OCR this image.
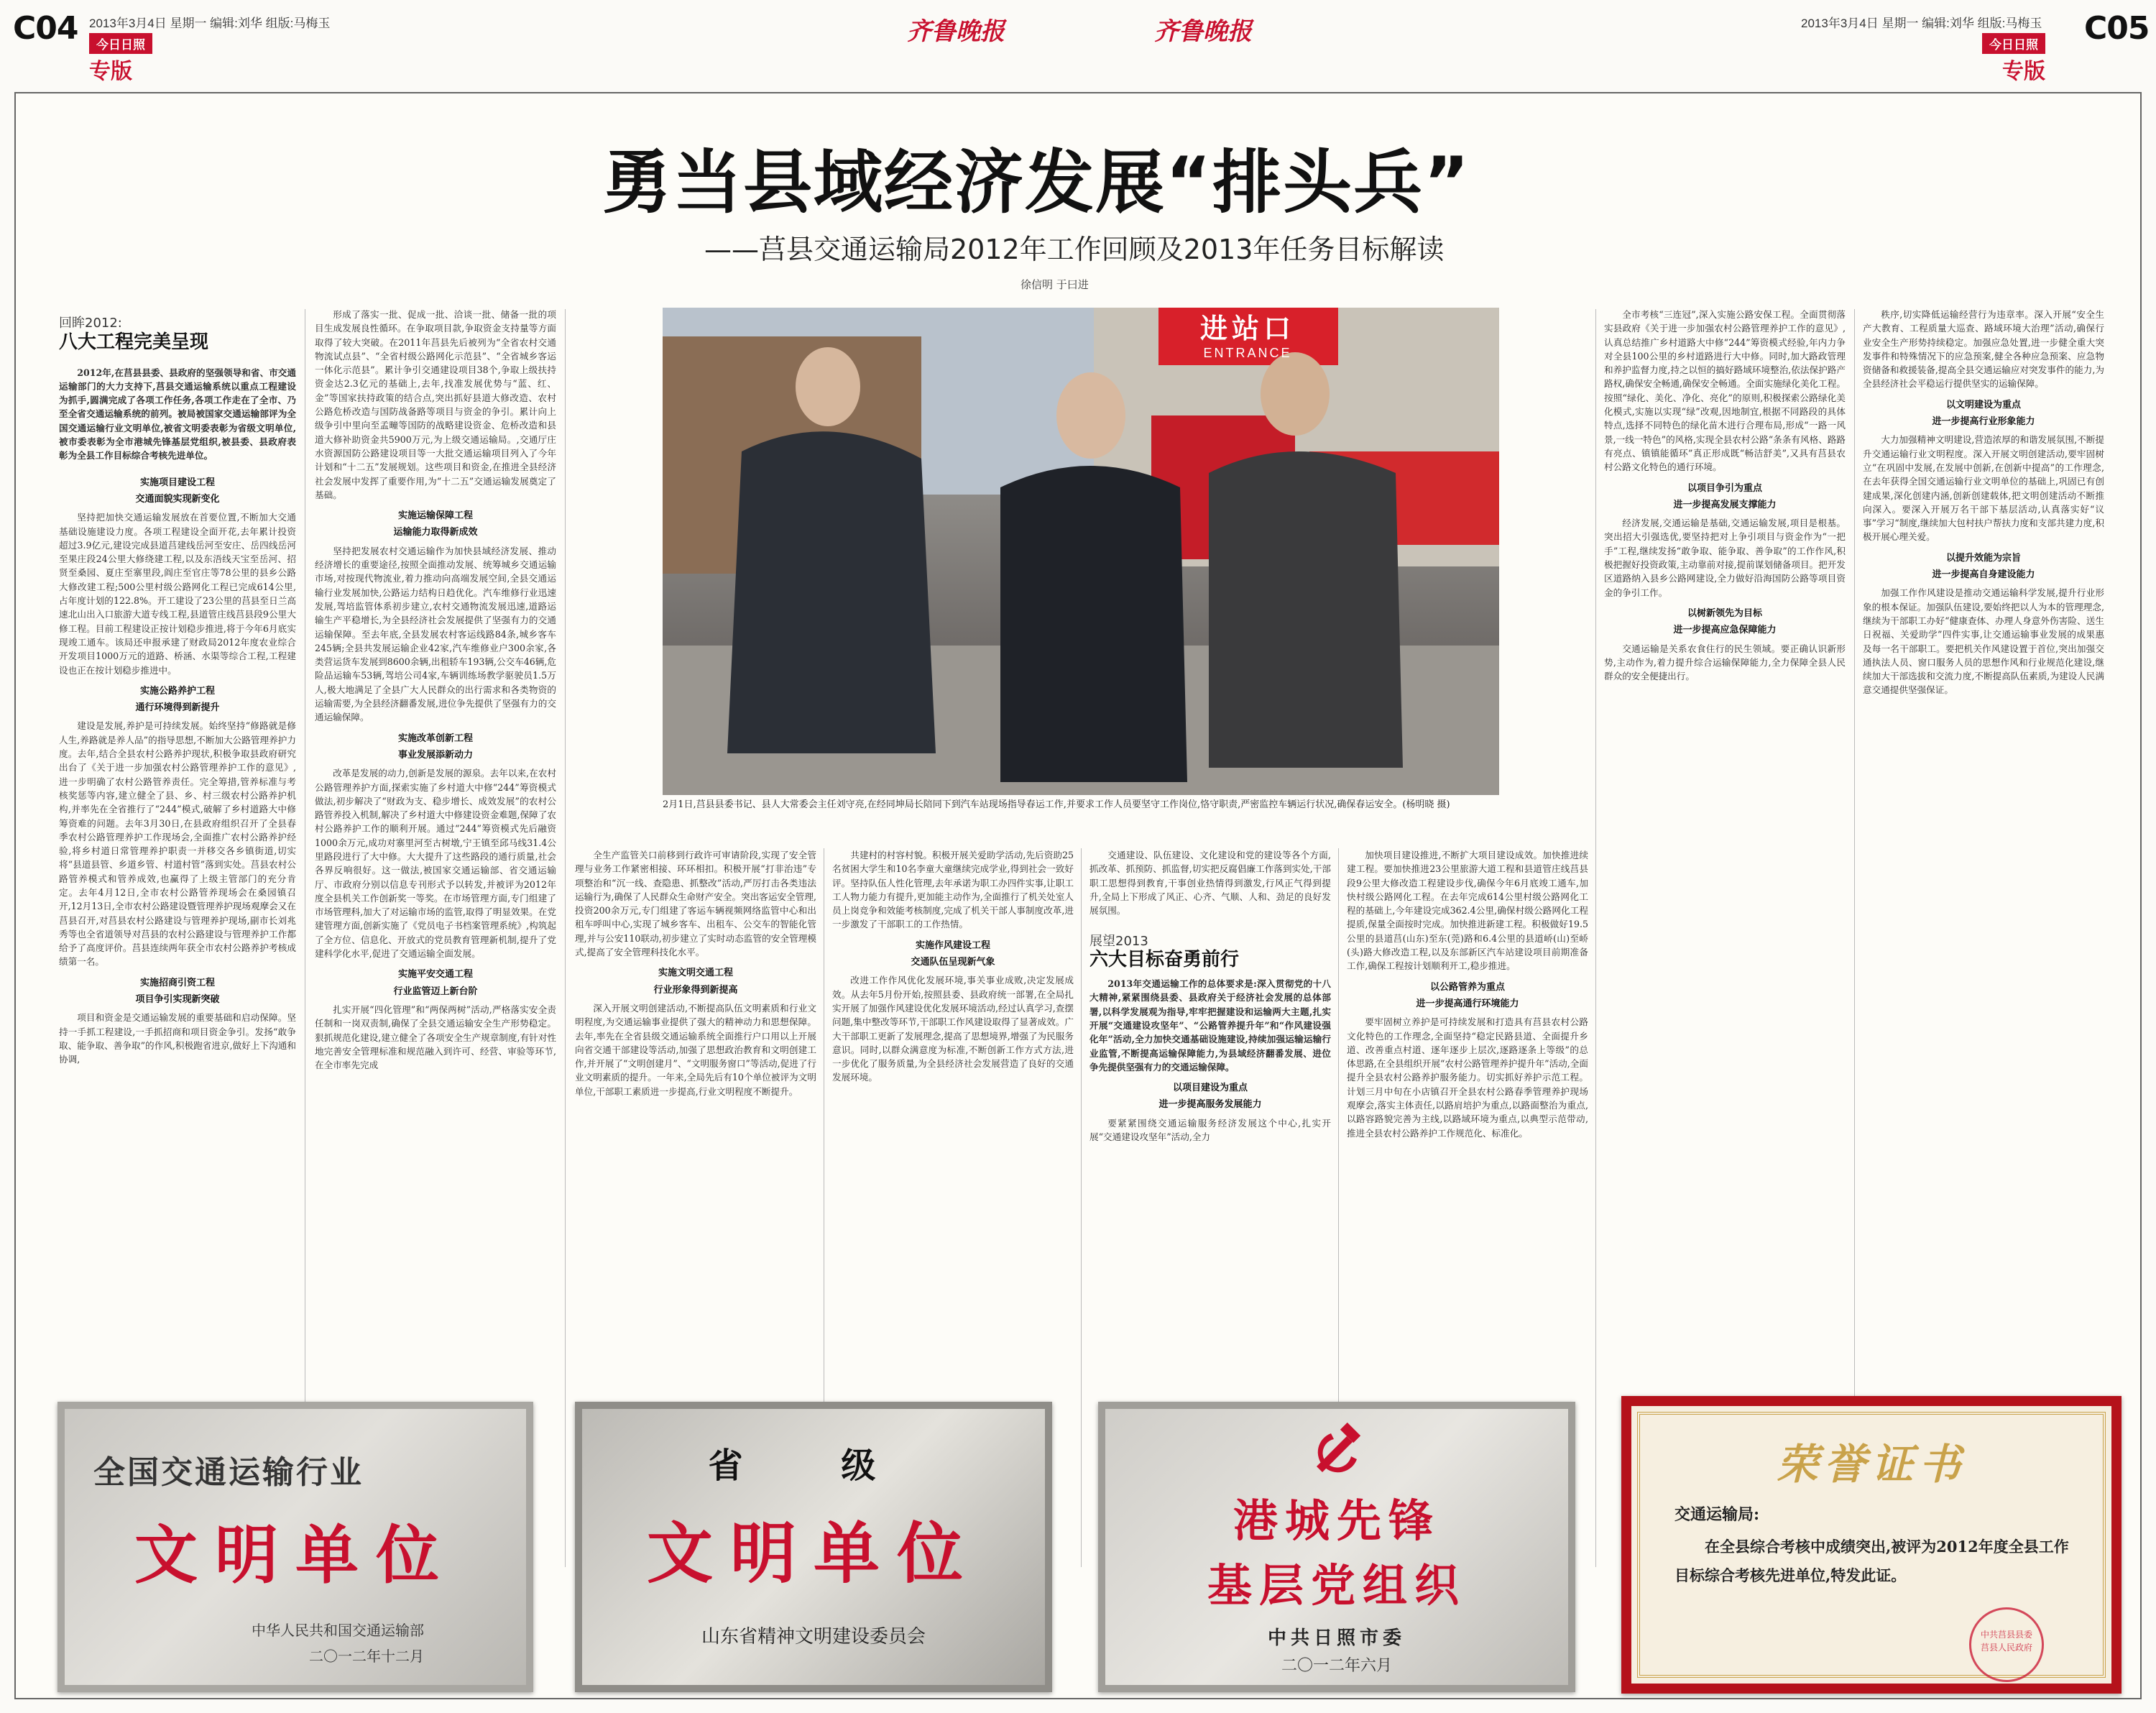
C04 2013年3月4日 星期一 编辑:刘华 组版:马梅玉
今日日照
专版
齐鲁晚报	齐鲁晚报	2013年3月4日 星期一 编辑:刘华 组版:马梅玉 C05
今日日照
专版
勇当县域经济发展“排头兵”
——莒县交通运输局2012年工作回顾及2013年任务目标解读
徐信明 于曰进
回眸2012:
八大工程完美呈现

2012年,在莒县县委、县政府的坚强领导和省、市交通运输部门的大力支持下,莒县交通运输系统以重点工程建设为抓手,圆满完成了各项工作任务,各项工作走在了全市、乃至全省交通运输系统的前列。被局被国家交通运输部评为全国交通运输行业文明单位,被省文明委表彰为省级文明单位,被市委表彰为全市港城先锋基层党组织,被县委、县政府表彰为全县工作目标综合考核先进单位。

实施项目建设工程
交通面貌实现新变化

坚持把加快交通运输发展放在首要位置,不断加大交通基础设施建设力度。各项工程建设全面开花,去年累计投资超过3.9亿元,建设完成县道莒建线岳河至安庄、岳四线岳河至果庄段24公里大修绕建工程,以及东浯线天宝至岳河、招贤至桑园、夏庄至寨里段,阎庄至官庄等78公里的县乡公路大修改建工程;500公里村级公路网化工程已完成614公里,占年度计划的122.8%。开工建设了23公里的莒县至日兰高速北山出入口旅游大道专线工程,县道管庄线莒县段9公里大修工程。目前工程建设正按计划稳步推进,将于今年6月底实现竣工通车。该局还申报承建了财政局2012年度农业综合开发项目1000万元的道路、桥涵、水渠等综合工程,工程建设也正在按计划稳步推进中。

实施公路养护工程
通行环境得到新提升

建设是发展,养护是可持续发展。始终坚持“修路就是修人生,养路就是养人品”的指导思想,不断加大公路管理养护力度。去年,结合全县农村公路养护现状,积极争取县政府研究出台了《关于进一步加强农村公路管理养护工作的意见》,进一步明确了农村公路管养责任。完全筹措,管养标准与考核奖惩等内容,建立健全了县、乡、村三级农村公路养护机构,并率先在全省推行了“244”模式,破解了乡村道路大中修筹资难的问题。去年3月30日,在县政府组织召开了全县春季农村公路管理养护工作现场会,全面推广农村公路养护经验,将乡村道日常管理养护职责一并移交各乡镇街道,切实将“县道县管、乡道乡管、村道村管”落到实处。莒县农村公路管养模式和管养成效,也赢得了上级主管部门的充分肯定。去年4月12日,全市农村公路管养现场会在桑园镇召开,12月13日,全市农村公路建设暨管理养护现场观摩会又在莒县召开,对莒县农村公路建设与管理养护现场,副市长刘兆秀等也全省道领导对莒县的农村公路建设与管理养护工作都给予了高度评价。莒县连续两年获全市农村公路养护考核成绩第一名。

实施招商引资工程
项目争引实现新突破

项目和资金是交通运输发展的重要基础和启动保障。坚持一手抓工程建设,一手抓招商和项目资金争引。发扬“敢争取、能争取、善争取”的作风,积极跑省进京,做好上下沟通和协调,

形成了落实一批、促成一批、洽谈一批、储备一批的项目生成发展良性循环。在争取项目款,争取资金支持量等方面取得了较大突破。在2011年莒县先后被列为“全省农村交通物流试点县”、“全省村级公路网化示范县”、“全省城乡客运一体化示范县”。累计争引交通建设项目38个,争取上级扶持资金达2.3亿元的基础上,去年,找准发展优势与“蓝、红、金”等国家扶持政策的结合点,突出抓好县道大修改造、农村公路危桥改造与国防战备路等项目与资金的争引。累计向上级争引中里向至孟疃等国防的战略建设资金、危桥改造和县道大修补助资金共5900万元,为上级交通运输局。,交通厅庄水资源国防公路建设项目等一大批交通运输项目列入了今年计划和“十二五”发展规划。这些项目和资金,在推进全县经济社会发展中发挥了重要作用,为“十二五”交通运输发展奠定了基础。

实施运输保障工程
运输能力取得新成效

坚持把发展农村交通运输作为加快县域经济发展、推动经济增长的重要途径,按照全面推动发展、统筹城乡交通运输市场,对按现代物流业,着力推动向高端发展空间,全县交通运输行业发展加快,公路运力结构日趋优化。汽车维修行业迅速发展,驾培监管体系初步建立,农村交通物流发展迅速,道路运输生产平稳增长,为全县经济社会发展提供了坚强有力的交通运输保障。至去年底,全县发展农村客运线路84条,城乡客车245辆;全县共发展运输企业42家,汽车维修业户300余家,各类营运货车发展到8600余辆,出租轿车193辆,公交车46辆,危险品运输车53辆,驾培公司4家,车辆训练场教学驱驶员1.5万人,极大地满足了全县广大人民群众的出行需求和各类物资的运输需要,为全县经济翻番发展,进位争先提供了坚强有力的交通运输保障。

实施改革创新工程
事业发展添新动力

改革是发展的动力,创新是发展的源泉。去年以来,在农村公路管理养护方面,探索实施了乡村道大中修“244”筹资模式做法,初步解决了“财政为支、稳步增长、成效发展”的农村公路管养投入机制,解决了乡村道大中修建设资金难题,保障了农村公路养护工作的顺利开展。通过“244”筹资模式先后融资1000余万元,成功对寨里河至古树墩,宁王镇至邱马线31.4公里路段进行了大中修。大大提升了这些路段的通行质量,社会各界反响很好。这一做法,被国家交通运输部、省交通运输厅、市政府分别以信息专刊形式予以转发,并被评为2012年度全县机关工作创新奖一等奖。在市场管理方面,专门组建了市场管理科,加大了对运输市场的监管,取得了明显效果。在党建管理方面,创新实施了《党员电子书档案管理系统》,构筑起了全方位、信息化、开放式的党员教育管理新机制,提升了党建科学化水平,促进了交通运输全面发展。

实施平安交通工程
行业监管迈上新台阶

扎实开展“四化管理”和“两保两树”活动,严格落实安全责任制和一岗双责制,确保了全县交通运输安全生产形势稳定。狠抓规范化建设,建立健全了各项安全生产规章制度,有针对性地完善安全管理标准和规范融入到许可、经营、审验等环节,在全市率先完成

进站口
ENTRANCE
2月1日,莒县县委书记、县人大常委会主任刘守亮,在经同坤局长陪同下到汽车站现场指导春运工作,并要求工作人员要坚守工作岗位,恪守职责,严密监控车辆运行状况,确保春运安全。(杨明晓 摄)

全生产监管关口前移到行政许可审请阶段,实现了安全管理与业务工作紧密相接、环环相扣。积极开展“打非治违”专项整治和“沉一线、查隐患、抓整改”活动,严厉打击各类违法运输行为,确保了人民群众生命财产安全。突出客运安全管理,投资200余万元,专门组建了客运车辆视频网络监管中心和出租车呼叫中心,实现了城乡客车、出租车、公交车的智能化管理,并与公安110联动,初步建立了实时动态监管的安全管理模式,提高了安全管理科技化水平。

实施文明交通工程
行业形象得到新提高

深入开展文明创建活动,不断提高队伍文明素质和行业文明程度,为交通运输事业提供了强大的精神动力和思想保障。去年,率先在全省县级交通运输系统全面推行户口用以上开展向省交通干部建设等活动,加强了思想政治教育和文明创建工作,并开展了“文明创建月”、“文明服务窗口”等活动,促进了行业文明素质的提升。一年来,全局先后有10个单位被评为文明单位,干部职工素质进一步提高,行业文明程度不断提升。

共建村的村容村貌。积极开展关爱助学活动,先后资助25名贫困大学生和10名李童大童继续完成学业,得到社会一致好评。坚持队伍人性化管理,去年承诺为职工办四件实事,让职工工人物力能力有提升,更加能主动作为,全面推行了机关处室人员上岗竞争和效能考核制度,完成了机关干部人事制度改革,进一步激发了干部职工的工作热情。

实施作风建设工程
交通队伍呈现新气象

改进工作作风优化发展环境,事关事业成败,决定发展成效。从去年5月份开始,按照县委、县政府统一部署,在全局扎实开展了加强作风建设优化发展环境活动,经过认真学习,查摆问题,集中整改等环节,干部职工作风建设取得了显著成效。广大干部职工更新了发展理念,提高了思想境界,增强了为民服务意识。同时,以群众满意度为标准,不断创新工作方式方法,进一步优化了服务质量,为全县经济社会发展营造了良好的交通发展环境。

交通建设、队伍建设、文化建设和党的建设等各个方面,抓改革、抓预防、抓监督,切实把反腐倡廉工作落到实处,干部职工思想得到教育,干事创业热情得到激发,行风正气得到提升,全局上下形成了风正、心齐、气顺、人和、劲足的良好发展氛围。

展望2013
六大目标奋勇前行

2013年交通运输工作的总体要求是:深入贯彻党的十八大精神,紧紧围绕县委、县政府关于经济社会发展的总体部署,以科学发展观为指导,牢牢把握建设和运输两大主题,扎实开展“交通建设攻坚年”、“公路管养提升年”和“作风建设强化年”活动,全力加快交通基础设施建设,持续加强运输运输行业监管,不断提高运输保障能力,为县域经济翻番发展、进位争先提供坚强有力的交通运输保障。

以项目建设为重点
进一步提高服务发展能力

要紧紧围绕交通运输服务经济发展这个中心,扎实开展“交通建设攻坚年”活动,全力

加快项目建设推进,不断扩大项目建设成效。加快推进续建工程。要加快推进23公里旅游大道工程和县道管庄线莒县段9公里大修改造工程建设步伐,确保今年6月底竣工通车,加快村级公路网化工程。在去年完成614公里村级公路网化工程的基础上,今年建设完成362.4公里,确保村级公路网化工程提质,保量全面按时完成。加快推进新建工程。积极做好19.5公里的县道莒(山东)至东(莞)路和6.4公里的县道峤(山)至峤(头)路大修改造工程,以及东部新区汽车站建设项目前期准备工作,确保工程按计划顺利开工,稳步推进。

以公路管养为重点
进一步提高通行环境能力

要牢固树立养护是可持续发展和打造具有莒县农村公路文化特色的工作理念,全面坚持“稳定民路县道、全面提升乡道、改善重点村道、逐年逐步上层次,逐路逐条上等级”的总体思路,在全县组织开展“农村公路管理养护提升年”活动,全面提升全县农村公路养护服务能力。切实抓好养护示范工程。计划三月中旬在小店镇召开全县农村公路春季管理养护现场观摩会,落实主体责任,以路肩培护为重点,以路面整治为重点,以路容路貌完善为主线,以路域环境为重点,以典型示范带动,推进全县农村公路养护工作规范化、标准化。

全市考核“三连冠”,深入实施公路安保工程。全面贯彻落实县政府《关于进一步加强农村公路管理养护工作的意见》,认真总结推广乡村道路大中修“244”筹资模式经验,年内力争对全县100公里的乡村道路进行大中修。同时,加大路政管理和养护监督力度,持之以恒的搞好路域环境整治,依法保护路产路权,确保安全畅通,确保安全畅通。全面实施绿化美化工程。按照“绿化、美化、净化、亮化”的原则,积极探索公路绿化美化模式,实施以实现“绿”改观,因地制宜,根据不同路段的具体特点,选择不同特色的绿化苗木进行合理布局,形成“一路一风景,一线一特色”的风格,实现全县农村公路“条条有风格、路路有亮点、镇镇能循环”真正形成既“畅洁舒美”,又具有莒县农村公路文化特色的通行环境。

以项目争引为重点
进一步提高发展支撑能力

经济发展,交通运输是基础,交通运输发展,项目是根基。突出招大引强选优,要坚持把对上争引项目与资金作为“一把手”工程,继续发扬“敢争取、能争取、善争取”的工作作风,积极把握好投资政策,主动靠前对接,提前谋划储备项目。把开发区道路纳入县乡公路网建设,全力做好沿海国防公路等项目资金的争引工作。

以树新领先为目标
进一步提高应急保障能力

交通运输是关系农食住行的民生领域。要正确认识新形势,主动作为,着力提升综合运输保障能力,全力保障全县人民群众的安全便捷出行。

秩序,切实降低运输经营行为违章率。深入开展“安全生产大教育、工程质量大巡查、路域环境大治理”活动,确保行业安全生产形势持续稳定。加强应急处置,进一步健全重大突发事件和特殊情况下的应急预案,健全各种应急预案、应急物资储备和救援装备,提高全县交通运输应对突发事件的能力,为全县经济社会平稳运行提供坚实的运输保障。

以文明建设为重点
进一步提高行业形象能力

大力加强精神文明建设,营造浓厚的和谐发展氛围,不断提升交通运输行业文明程度。深入开展文明创建活动,要牢固树立“在巩固中发展,在发展中创新,在创新中提高”的工作理念,在去年获得全国交通运输行业文明单位的基础上,巩固已有创建成果,深化创建内涵,创新创建载体,把文明创建活动不断推向深入。要深入开展万名干部下基层活动,认真落实好“议事”学习“制度,继续加大包村扶户帮扶力度和支部共建力度,积极开展心理关爱。

以提升效能为宗旨
进一步提高自身建设能力

加强工作作风建设是推动交通运输科学发展,提升行业形象的根本保证。加强队伍建设,要始终把以人为本的管理理念,继续为干部职工办好“健康查体、办理人身意外伤害险、送生日祝福、关爱助学”四件实事,让交通运输事业发展的成果惠及每一名干部职工。要把机关作风建设置于首位,突出加强交通执法人员、窗口服务人员的思想作风和行业规范化建设,继续加大干部选拔和交流力度,不断提高队伍素质,为建设人民满意交通提供坚强保证。

全国交通运输行业
文明单位
中华人民共和国交通运输部
二〇一二年十二月
省 级
文明单位
山东省精神文明建设委员会
港城先锋
基层党组织
中共日照市委
二〇一二年六月
荣誉证书
交通运输局:
在全县综合考核中成绩突出,被评为2012年度全县工作目标综合考核先进单位,特发此证。
中共莒县县委 莒县人民政府
